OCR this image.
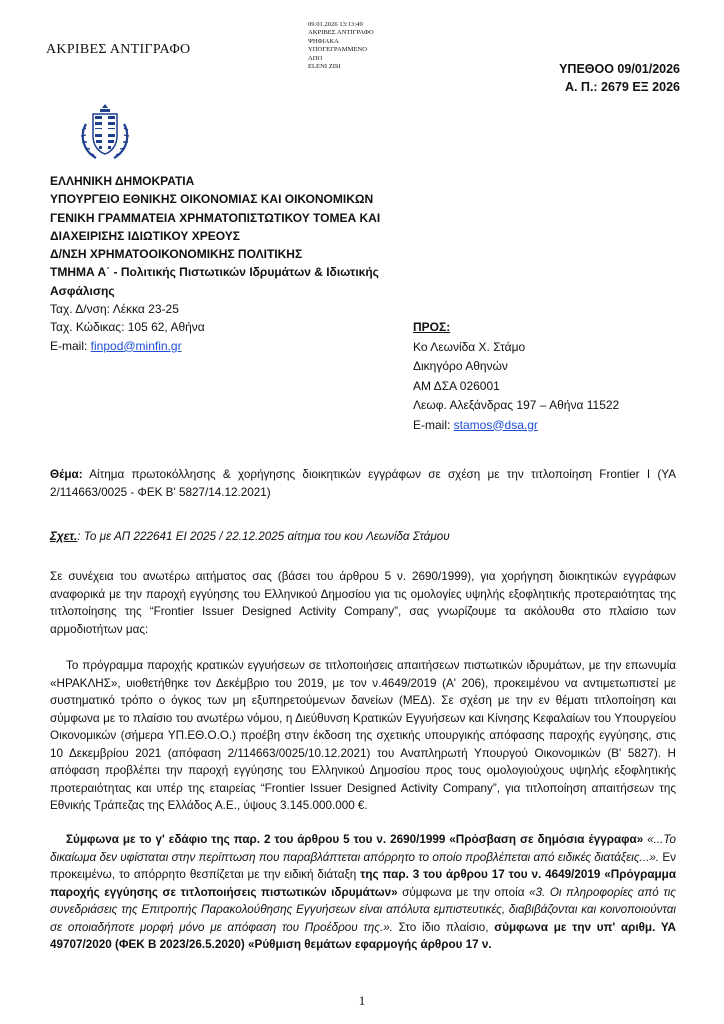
ΑΚΡΙΒΕΣ ΑΝΤΙΓΡΑΦΟ
09.01.2026 13:13:49
ΑΚΡΙΒΕΣ ΑΝΤΙΓΡΑΦΟ
ΨΗΦΙΑΚΑ
ΥΠΟΓΕΓΡΑΜΜΕΝΟ
ΑΠΟ
ELENI ZISI	ΥΠΕΘΟΟ 09/01/2026
Α. Π.: 2679 ΕΞ 2026
ΕΛΛΗΝΙΚΗ ΔΗΜΟΚΡΑΤΙΑ
ΥΠΟΥΡΓΕΙΟ ΕΘΝΙΚΗΣ ΟΙΚΟΝΟΜΙΑΣ ΚΑΙ ΟΙΚΟΝΟΜΙΚΩΝ
ΓΕΝΙΚΗ ΓΡΑΜΜΑΤΕΙΑ ΧΡΗΜΑΤΟΠΙΣΤΩΤΙΚΟΥ ΤΟΜΕΑ ΚΑΙ
ΔΙΑΧΕΙΡΙΣΗΣ ΙΔΙΩΤΙΚΟΥ ΧΡΕΟΥΣ
Δ/ΝΣΗ ΧΡΗΜΑΤΟΟΙΚΟΝΟΜΙΚΗΣ ΠΟΛΙΤΙΚΗΣ
ΤΜΗΜΑ Α΄ - Πολιτικής Πιστωτικών Ιδρυμάτων & Ιδιωτικής
Ασφάλισης
Ταχ. Δ/νση: Λέκκα 23-25
Ταχ. Κώδικας: 105 62, Αθήνα
E-mail: finpod@minfin.gr
ΠΡΟΣ:
Κο Λεωνίδα Χ. Στάμο
Δικηγόρο Αθηνών
ΑΜ ΔΣΑ 026001
Λεωφ. Αλεξάνδρας 197 – Αθήνα 11522
E-mail: stamos@dsa.gr
Θέμα: Αίτημα πρωτοκόλλησης & χορήγησης διοικητικών εγγράφων σε σχέση με την τιτλοποίηση Frontier I (ΥΑ 2/114663/0025 - ΦΕΚ Β' 5827/14.12.2021)
Σχετ.: Το με ΑΠ 222641 ΕΙ 2025 / 22.12.2025 αίτημα του κου Λεωνίδα Στάμου
Σε συνέχεια του ανωτέρω αιτήματος σας (βάσει του άρθρου 5 ν. 2690/1999), για χορήγηση διοικητικών εγγράφων αναφορικά με την παροχή εγγύησης του Ελληνικού Δημοσίου για τις ομολογίες υψηλής εξοφλητικής προτεραιότητας της τιτλοποίησης της “Frontier Issuer Designed Activity Company”, σας γνωρίζουμε τα ακόλουθα στο πλαίσιο των αρμοδιοτήτων μας:
Το πρόγραμμα παροχής κρατικών εγγυήσεων σε τιτλοποιήσεις απαιτήσεων πιστωτικών ιδρυμάτων, με την επωνυμία «ΗΡΑΚΛΗΣ», υιοθετήθηκε τον Δεκέμβριο του 2019, με τον ν.4649/2019 (Α' 206), προκειμένου να αντιμετωπιστεί με συστηματικό τρόπο ο όγκος των μη εξυπηρετούμενων δανείων (ΜΕΔ). Σε σχέση με την εν θέματι τιτλοποίηση και σύμφωνα με το πλαίσιο του ανωτέρω νόμου, η Διεύθυνση Κρατικών Εγγυήσεων και Κίνησης Κεφαλαίων του Υπουργείου Οικονομικών (σήμερα ΥΠ.ΕΘ.Ο.Ο.) προέβη στην έκδοση της σχετικής υπουργικής απόφασης παροχής εγγύησης, στις 10 Δεκεμβρίου 2021 (απόφαση 2/114663/0025/10.12.2021) του Αναπληρωτή Υπουργού Οικονομικών (Β' 5827). Η απόφαση προβλέπει την παροχή εγγύησης του Ελληνικού Δημοσίου προς τους ομολογιούχους υψηλής εξοφλητικής προτεραιότητας και υπέρ της εταιρείας “Frontier Issuer Designed Activity Company”, για τιτλοποίηση απαιτήσεων της Εθνικής Τράπεζας της Ελλάδος Α.Ε., ύψους 3.145.000.000 €.
Σύμφωνα με το γ' εδάφιο της παρ. 2 του άρθρου 5 του ν. 2690/1999 «Πρόσβαση σε δημόσια έγγραφα» «...Το δικαίωμα δεν υφίσταται στην περίπτωση που παραβλάπτεται απόρρητο το οποίο προβλέπεται από ειδικές διατάξεις...». Εν προκειμένω, το απόρρητο θεσπίζεται με την ειδική διάταξη της παρ. 3 του άρθρου 17 του ν. 4649/2019 «Πρόγραμμα παροχής εγγύησης σε τιτλοποιήσεις πιστωτικών ιδρυμάτων» σύμφωνα με την οποία «3. Οι πληροφορίες από τις συνεδριάσεις της Επιτροπής Παρακολούθησης Εγγυήσεων είναι απόλυτα εμπιστευτικές, διαβιβάζονται και κοινοποιούνται σε οποιαδήποτε μορφή μόνο με απόφαση του Προέδρου της.». Στο ίδιο πλαίσιο, σύμφωνα με την υπ' αριθμ. ΥΑ 49707/2020 (ΦΕΚ Β 2023/26.5.2020) «Ρύθμιση θεμάτων εφαρμογής άρθρου 17 ν.
1
